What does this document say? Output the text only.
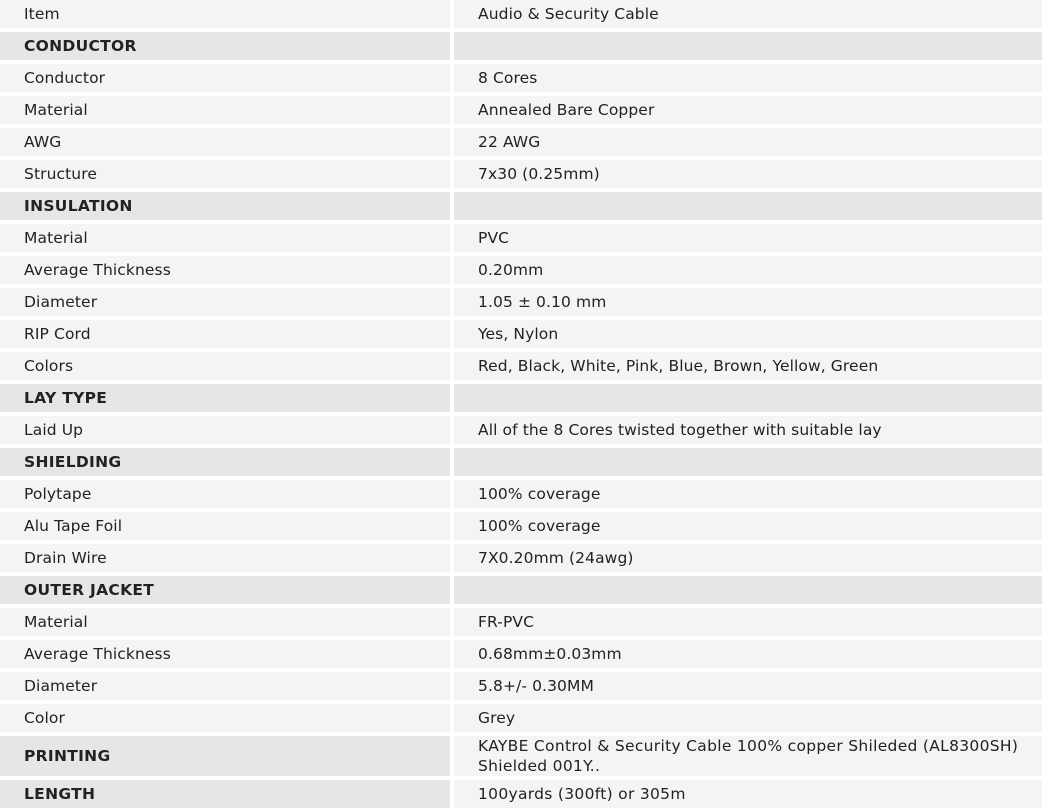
Item	Audio & Security Cable
CONDUCTOR	
Conductor	8 Cores
Material	Annealed Bare Copper
AWG	22 AWG
Structure	7x30 (0.25mm)
INSULATION	
Material	PVC
Average Thickness	0.20mm
Diameter	1.05 ± 0.10 mm
RIP Cord	Yes, Nylon
Colors	Red, Black, White, Pink, Blue, Brown, Yellow, Green
LAY TYPE	
Laid Up	All of the 8 Cores twisted together with suitable lay
SHIELDING	
Polytape	100% coverage
Alu Tape Foil	100% coverage
Drain Wire	7X0.20mm (24awg)
OUTER JACKET	
Material	FR-PVC
Average Thickness	0.68mm±0.03mm
Diameter	5.8+/- 0.30MM
Color	Grey
PRINTING	KAYBE Control & Security Cable 100% copper Shileded (AL8300SH) Shielded 001Y..
LENGTH	100yards (300ft) or 305m
